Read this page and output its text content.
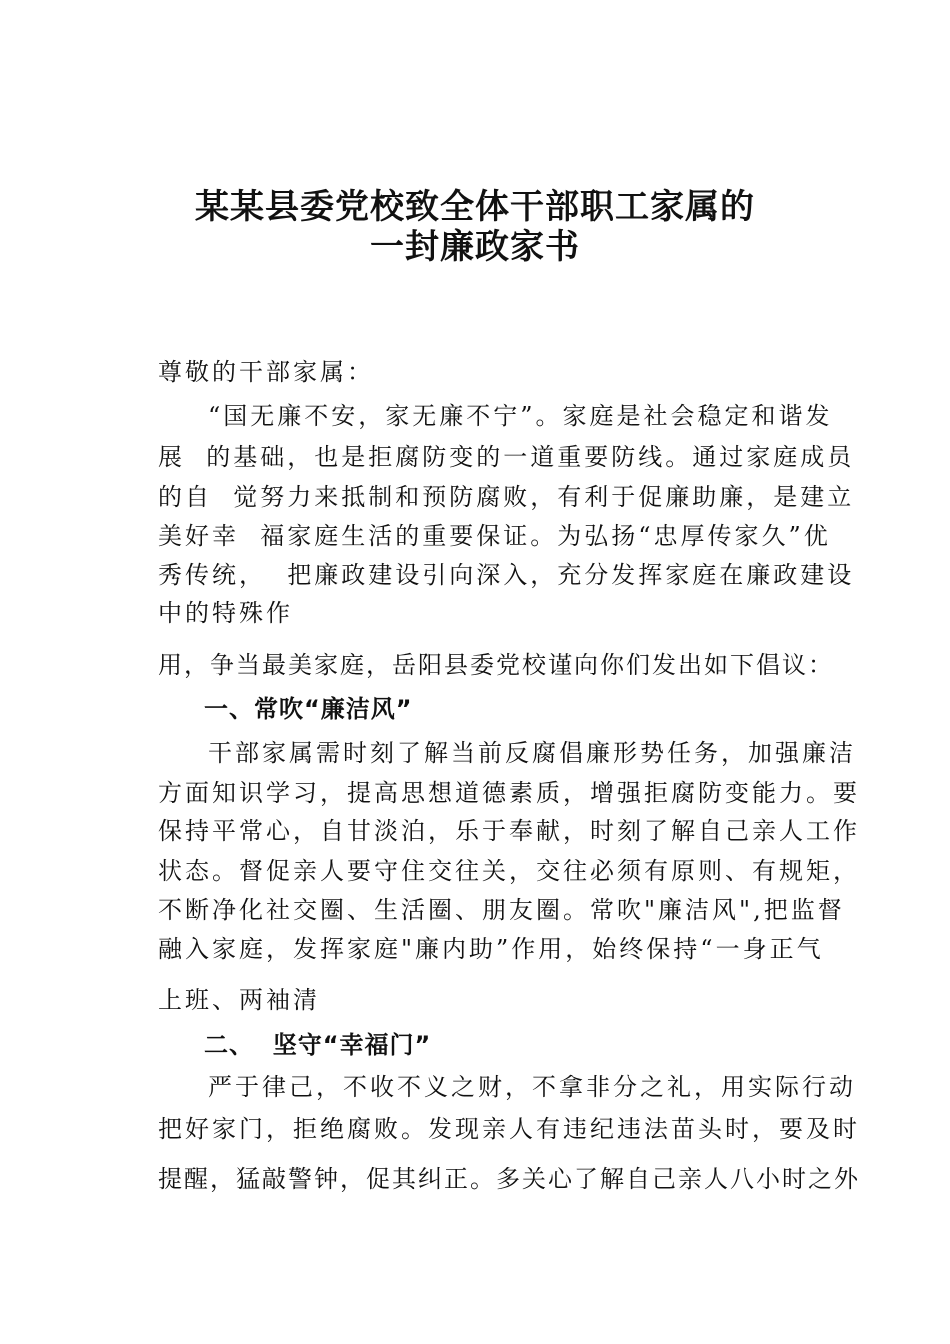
某某县委党校致全体干部职工家属的
一封廉政家书
尊敬的干部家属：
“国无廉不安，家无廉不宁”。家庭是社会稳定和谐发
展  的基础，也是拒腐防变的一道重要防线。通过家庭成员
的自  觉努力来抵制和预防腐败，有利于促廉助廉，是建立
美好幸  福家庭生活的重要保证。为弘扬“忠厚传家久”优
秀传统，  把廉政建设引向深入，充分发挥家庭在廉政建设
中的特殊作
用，争当最美家庭，岳阳县委党校谨向你们发出如下倡议：
一、常吹“廉洁风”
干部家属需时刻了解当前反腐倡廉形势任务，加强廉洁
方面知识学习，提高思想道德素质，增强拒腐防变能力。要
保持平常心，自甘淡泊，乐于奉献，时刻了解自己亲人工作
状态。督促亲人要守住交往关，交往必须有原则、有规矩，
不断净化社交圈、生活圈、朋友圈。常吹"廉洁风",把监督
融入家庭，发挥家庭"廉内助”作用，始终保持“一身正气
上班、两袖清
二、  坚守“幸福门”
严于律己，不收不义之财，不拿非分之礼，用实际行动
把好家门，拒绝腐败。发现亲人有违纪违法苗头时，要及时
提醒，猛敲警钟，促其纠正。多关心了解自己亲人八小时之外
